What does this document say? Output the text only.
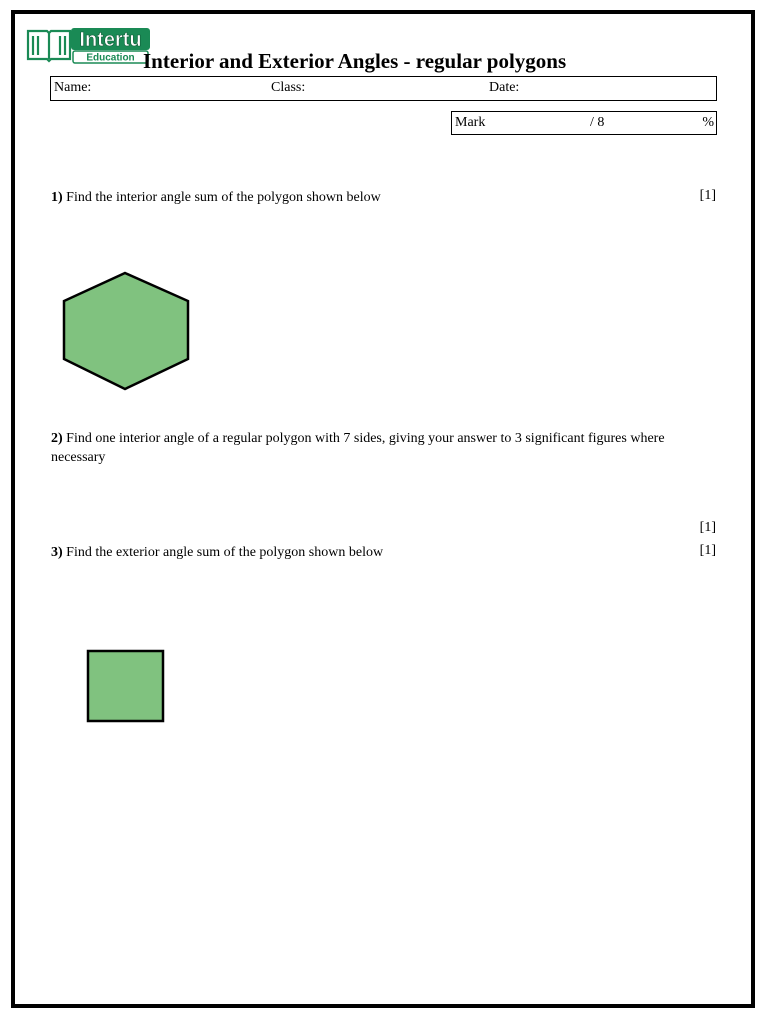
Intertu
Education Interior and Exterior Angles - regular polygons
Name:	Class:	Date:
Mark	/ 8	%
1) Find the interior angle sum of the polygon shown below	[1]
2) Find one interior angle of a regular polygon with 7 sides, giving your answer to 3 significant figures where necessary
[1]
3) Find the exterior angle sum of the polygon shown below	[1]
